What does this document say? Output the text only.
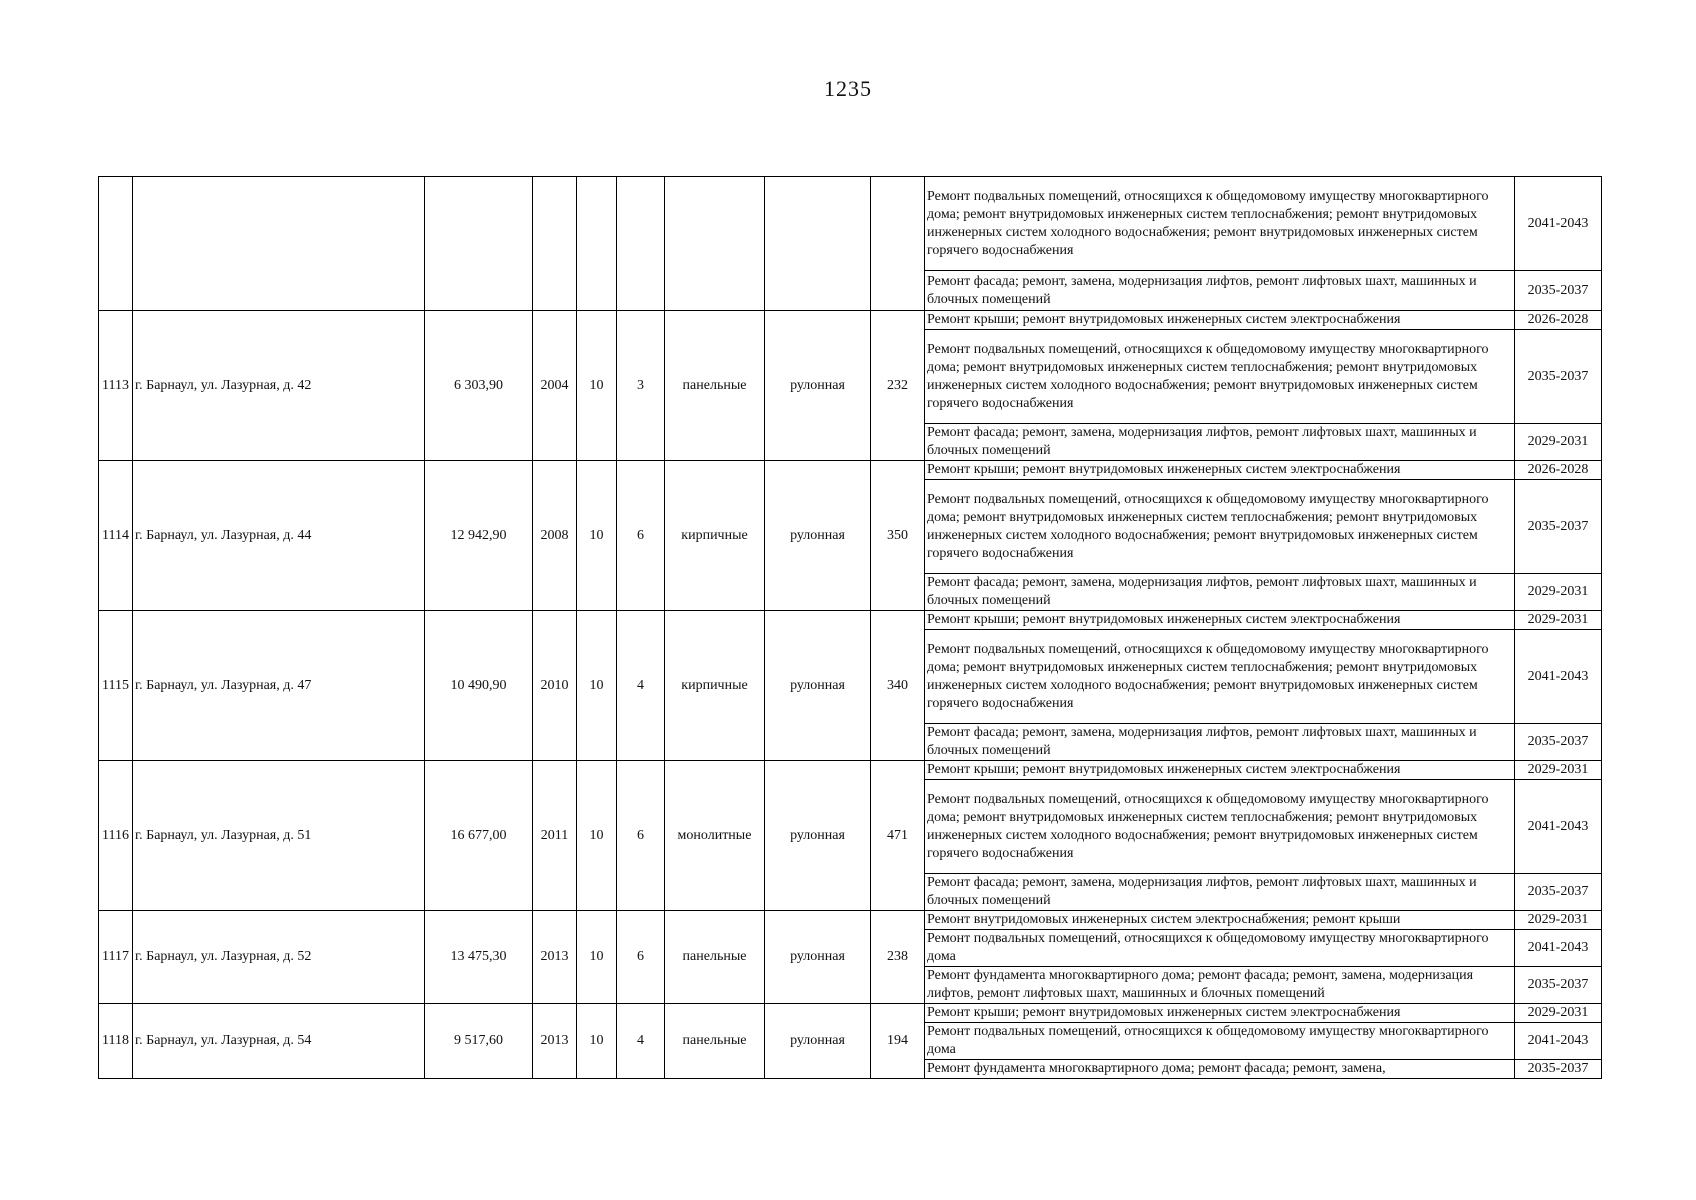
1235
									Ремонт подвальных помещений, относящихся к общедомовому имуществу многоквартирного дома; ремонт внутридомовых инженерных систем теплоснабжения; ремонт внутридомовых инженерных систем холодного водоснабжения; ремонт внутридомовых инженерных систем горячего водоснабжения	2041-2043
									Ремонт фасада; ремонт, замена, модернизация лифтов, ремонт лифтовых шахт, машинных и блочных помещений	2035-2037
1113	г. Барнаул, ул. Лазурная, д. 42	6 303,90	2004	10	3	панельные	рулонная	232	Ремонт крыши; ремонт внутридомовых инженерных систем электроснабжения	2026-2028
									Ремонт подвальных помещений, относящихся к общедомовому имуществу многоквартирного дома; ремонт внутридомовых инженерных систем теплоснабжения; ремонт внутридомовых инженерных систем холодного водоснабжения; ремонт внутридомовых инженерных систем горячего водоснабжения	2035-2037
									Ремонт фасада; ремонт, замена, модернизация лифтов, ремонт лифтовых шахт, машинных и блочных помещений	2029-2031
1114	г. Барнаул, ул. Лазурная, д. 44	12 942,90	2008	10	6	кирпичные	рулонная	350	Ремонт крыши; ремонт внутридомовых инженерных систем электроснабжения	2026-2028
									Ремонт подвальных помещений, относящихся к общедомовому имуществу многоквартирного дома; ремонт внутридомовых инженерных систем теплоснабжения; ремонт внутридомовых инженерных систем холодного водоснабжения; ремонт внутридомовых инженерных систем горячего водоснабжения	2035-2037
									Ремонт фасада; ремонт, замена, модернизация лифтов, ремонт лифтовых шахт, машинных и блочных помещений	2029-2031
1115	г. Барнаул, ул. Лазурная, д. 47	10 490,90	2010	10	4	кирпичные	рулонная	340	Ремонт крыши; ремонт внутридомовых инженерных систем электроснабжения	2029-2031
									Ремонт подвальных помещений, относящихся к общедомовому имуществу многоквартирного дома; ремонт внутридомовых инженерных систем теплоснабжения; ремонт внутридомовых инженерных систем холодного водоснабжения; ремонт внутридомовых инженерных систем горячего водоснабжения	2041-2043
									Ремонт фасада; ремонт, замена, модернизация лифтов, ремонт лифтовых шахт, машинных и блочных помещений	2035-2037
1116	г. Барнаул, ул. Лазурная, д. 51	16 677,00	2011	10	6	монолитные	рулонная	471	Ремонт крыши; ремонт внутридомовых инженерных систем электроснабжения	2029-2031
									Ремонт подвальных помещений, относящихся к общедомовому имуществу многоквартирного дома; ремонт внутридомовых инженерных систем теплоснабжения; ремонт внутридомовых инженерных систем холодного водоснабжения; ремонт внутридомовых инженерных систем горячего водоснабжения	2041-2043
									Ремонт фасада; ремонт, замена, модернизация лифтов, ремонт лифтовых шахт, машинных и блочных помещений	2035-2037
1117	г. Барнаул, ул. Лазурная, д. 52	13 475,30	2013	10	6	панельные	рулонная	238	Ремонт внутридомовых инженерных систем электроснабжения; ремонт крыши	2029-2031
									Ремонт подвальных помещений, относящихся к общедомовому имуществу многоквартирного дома	2041-2043
									Ремонт фундамента многоквартирного дома; ремонт фасада; ремонт, замена, модернизация лифтов, ремонт лифтовых шахт, машинных и блочных помещений	2035-2037
1118	г. Барнаул, ул. Лазурная, д. 54	9 517,60	2013	10	4	панельные	рулонная	194	Ремонт крыши; ремонт внутридомовых инженерных систем электроснабжения	2029-2031
									Ремонт подвальных помещений, относящихся к общедомовому имуществу многоквартирного дома	2041-2043
									Ремонт фундамента многоквартирного дома; ремонт фасада; ремонт, замена,	2035-2037
